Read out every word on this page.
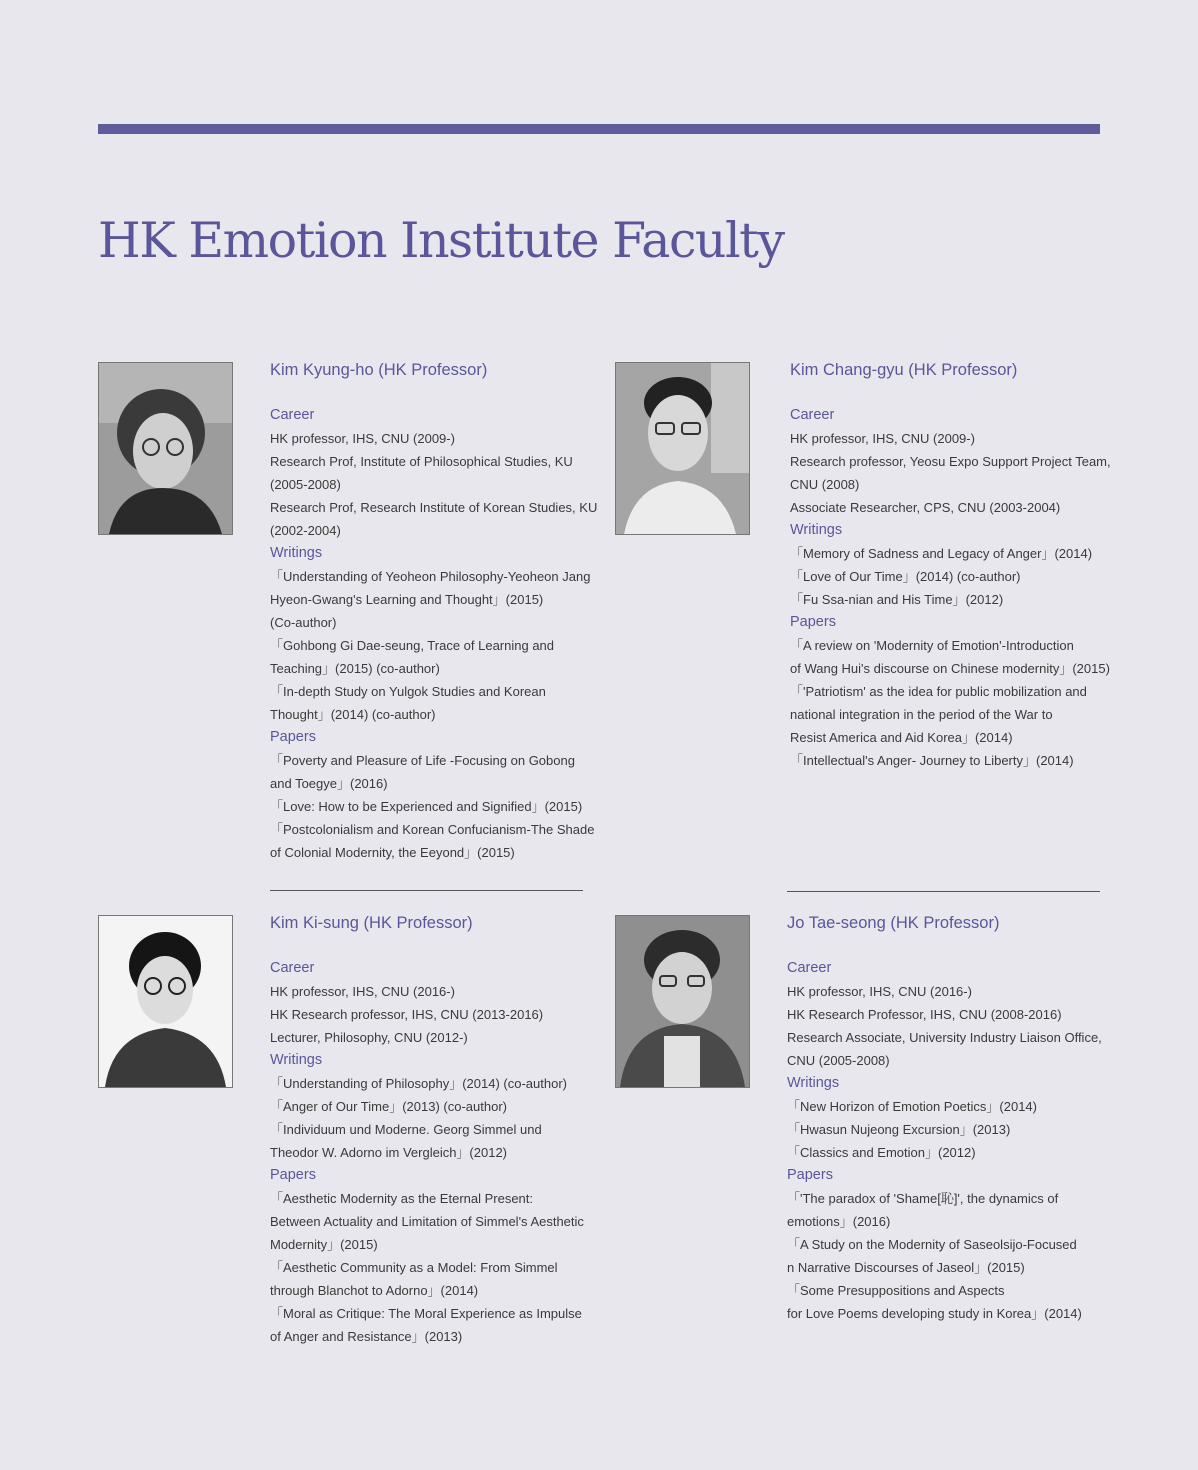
HK Emotion Institute Faculty
Kim Kyung-ho (HK Professor)
Career
HK professor, IHS, CNU (2009-)
Research Prof, Institute of Philosophical Studies, KU
(2005-2008)
Research Prof, Research Institute of Korean Studies, KU
(2002-2004)
Writings
「Understanding of Yeoheon Philosophy-Yeoheon Jang
Hyeon-Gwang's Learning and Thought」(2015)
(Co-author)
「Gohbong Gi Dae-seung, Trace of Learning and
Teaching」(2015) (co-author)
「In-depth Study on Yulgok Studies and Korean
Thought」(2014) (co-author)
Papers
「Poverty and Pleasure of Life -Focusing on Gobong
and Toegye」(2016)
「Love: How to be Experienced and Signified」(2015)
「Postcolonialism and Korean Confucianism-The Shade
of Colonial Modernity, the Eeyond」(2015)
Kim Chang-gyu (HK Professor)
Career
HK professor, IHS, CNU (2009-)
Research professor, Yeosu Expo Support Project Team,
CNU (2008)
Associate Researcher, CPS, CNU (2003-2004)
Writings
「Memory of Sadness and Legacy of Anger」(2014)
「Love of Our Time」(2014) (co-author)
「Fu Ssa-nian and His Time」(2012)
Papers
「A review on 'Modernity of Emotion'-Introduction
of Wang Hui's discourse on Chinese modernity」(2015)
「'Patriotism' as the idea for public mobilization and
national integration in the period of the War to
Resist America and Aid Korea」(2014)
「Intellectual's Anger- Journey to Liberty」(2014)
Kim Ki-sung (HK Professor)
Career
HK professor, IHS, CNU (2016-)
HK Research professor, IHS, CNU (2013-2016)
Lecturer, Philosophy, CNU (2012-)
Writings
「Understanding of Philosophy」(2014) (co-author)
「Anger of Our Time」(2013) (co-author)
「Individuum und Moderne. Georg Simmel und
Theodor W. Adorno im Vergleich」(2012)
Papers
「Aesthetic Modernity as the Eternal Present:
Between Actuality and Limitation of Simmel's Aesthetic
Modernity」(2015)
「Aesthetic Community as a Model: From Simmel
through Blanchot to Adorno」(2014)
「Moral as Critique: The Moral Experience as Impulse
of Anger and Resistance」(2013)
Jo Tae-seong (HK Professor)
Career
HK professor, IHS, CNU (2016-)
HK Research Professor, IHS, CNU (2008-2016)
Research Associate, University Industry Liaison Office,
CNU (2005-2008)
Writings
「New Horizon of Emotion Poetics」(2014)
「Hwasun Nujeong Excursion」(2013)
「Classics and Emotion」(2012)
Papers
「'The paradox of 'Shame[恥]', the dynamics of
emotions」(2016)
「A Study on the Modernity of Saseolsijo-Focused
n Narrative Discourses of Jaseol」(2015)
「Some Presuppositions and Aspects
for Love Poems developing study in Korea」(2014)
